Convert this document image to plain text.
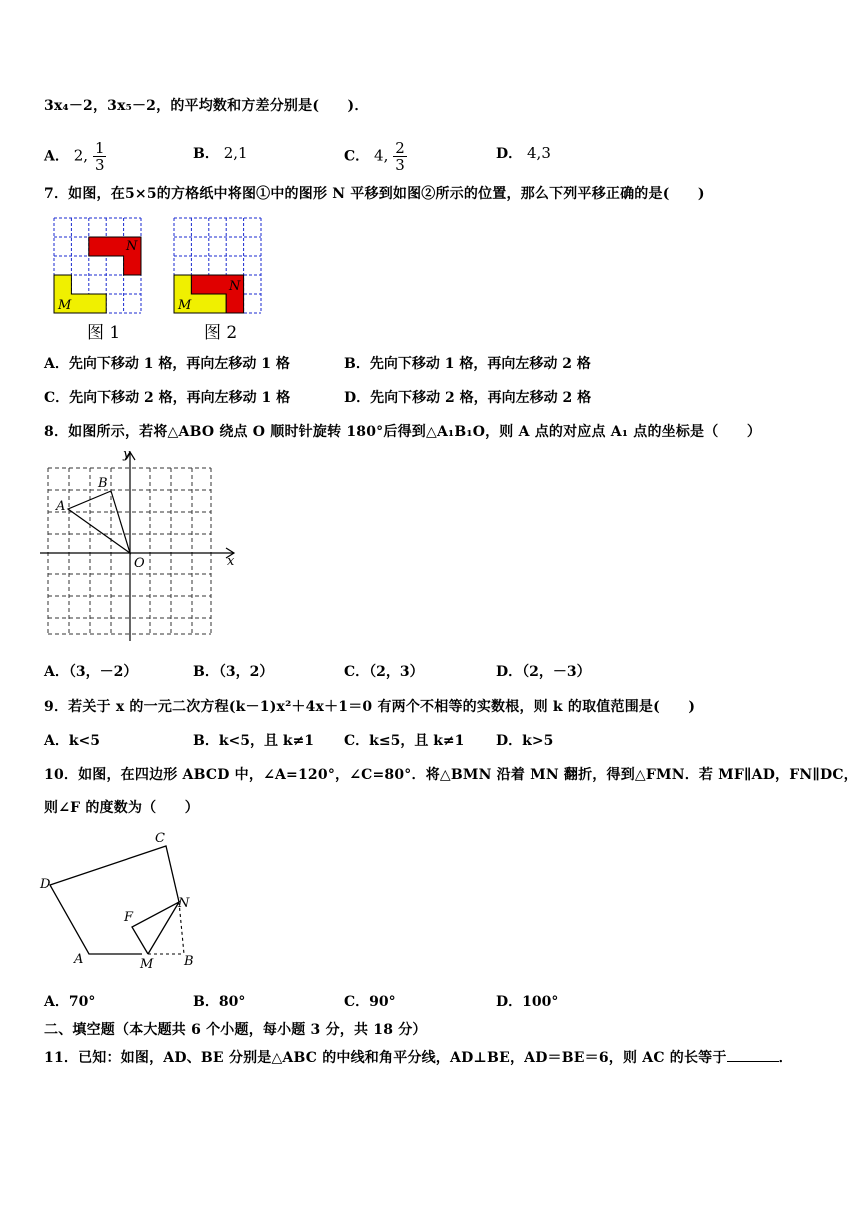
3x₄－2，3x₅－2，的平均数和方差分别是(　　)．
A． 2, $\frac{1}{3}$	B． 2,1	C． 4, $\frac{2}{3}$	D． 4,3
7．如图，在5×5的方格纸中将图①中的图形 N 平移到如图②所示的位置，那么下列平移正确的是(　　)
N
M
图 1
N
M
图 2
A．先向下移动 1 格，再向左移动 1 格	B．先向下移动 1 格，再向左移动 2 格
C．先向下移动 2 格，再向左移动 1 格	D．先向下移动 2 格，再向左移动 2 格
8．如图所示，若将△ABO 绕点 O 顺时针旋转 180°后得到△A₁B₁O，则 A 点的对应点 A₁ 点的坐标是（　　）
y
x
O
B
A
A．（3，－2）	B．（3，2）	C．（2，3）	D．（2，－3）
9．若关于 x 的一元二次方程(k－1)x²＋4x＋1＝0 有两个不相等的实数根，则 k 的取值范围是(　　)
A．k<5	B．k<5，且 k≠1 C．k≤5，且 k≠1 D．k>5
10．如图，在四边形 ABCD 中，∠A=120°，∠C=80°．将△BMN 沿着 MN 翻折，得到△FMN．若 MF∥AD，FN∥DC，
则∠F 的度数为（　　）
C
D
F
N
A	M B
A．70°	B．80°	C．90°	D．100°
二、填空题（本大题共 6 个小题，每小题 3 分，共 18 分）
11．已知：如图，AD、BE 分别是△ABC 的中线和角平分线，AD⊥BE，AD＝BE＝6，则 AC 的长等于	．
